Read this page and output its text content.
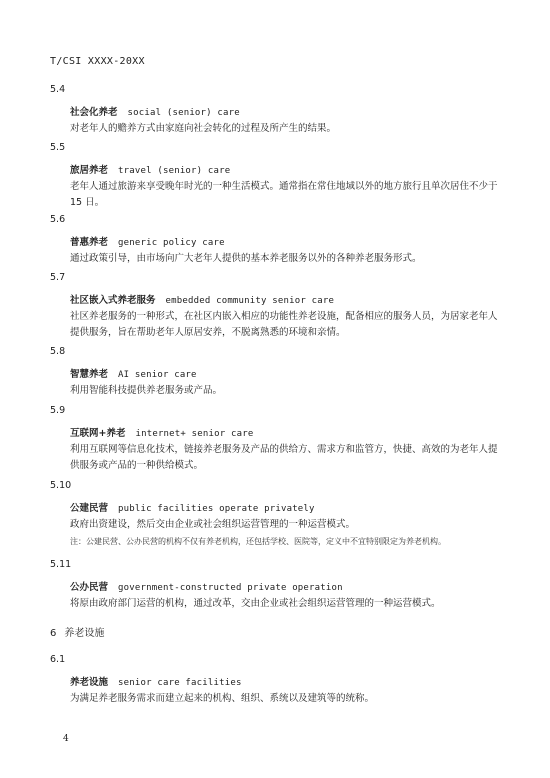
T/CSI XXXX-20XX
5.4
社会化养老 social (senior) care
对老年人的赡养方式由家庭向社会转化的过程及所产生的结果。
5.5
旅居养老 travel (senior) care
老年人通过旅游来享受晚年时光的一种生活模式。通常指在常住地域以外的地方旅行且单次居住不少于 15 日。
5.6
普惠养老 generic policy care
通过政策引导，由市场向广大老年人提供的基本养老服务以外的各种养老服务形式。
5.7
社区嵌入式养老服务 embedded community senior care
社区养老服务的一种形式，在社区内嵌入相应的功能性养老设施，配备相应的服务人员，为居家老年人提供服务，旨在帮助老年人原居安养，不脱离熟悉的环境和亲情。
5.8
智慧养老 AI senior care
利用智能科技提供养老服务或产品。
5.9
互联网+养老 internet+ senior care
利用互联网等信息化技术，链接养老服务及产品的供给方、需求方和监管方，快捷、高效的为老年人提供服务或产品的一种供给模式。
5.10
公建民营 public facilities operate privately
政府出资建设，然后交由企业或社会组织运营管理的一种运营模式。
注：公建民营、公办民营的机构不仅有养老机构，还包括学校、医院等，定义中不宜特别限定为养老机构。
5.11
公办民营 government-constructed private operation
将原由政府部门运营的机构，通过改革，交由企业或社会组织运营管理的一种运营模式。
6 养老设施
6.1
养老设施 senior care facilities
为满足养老服务需求而建立起来的机构、组织、系统以及建筑等的统称。
4
